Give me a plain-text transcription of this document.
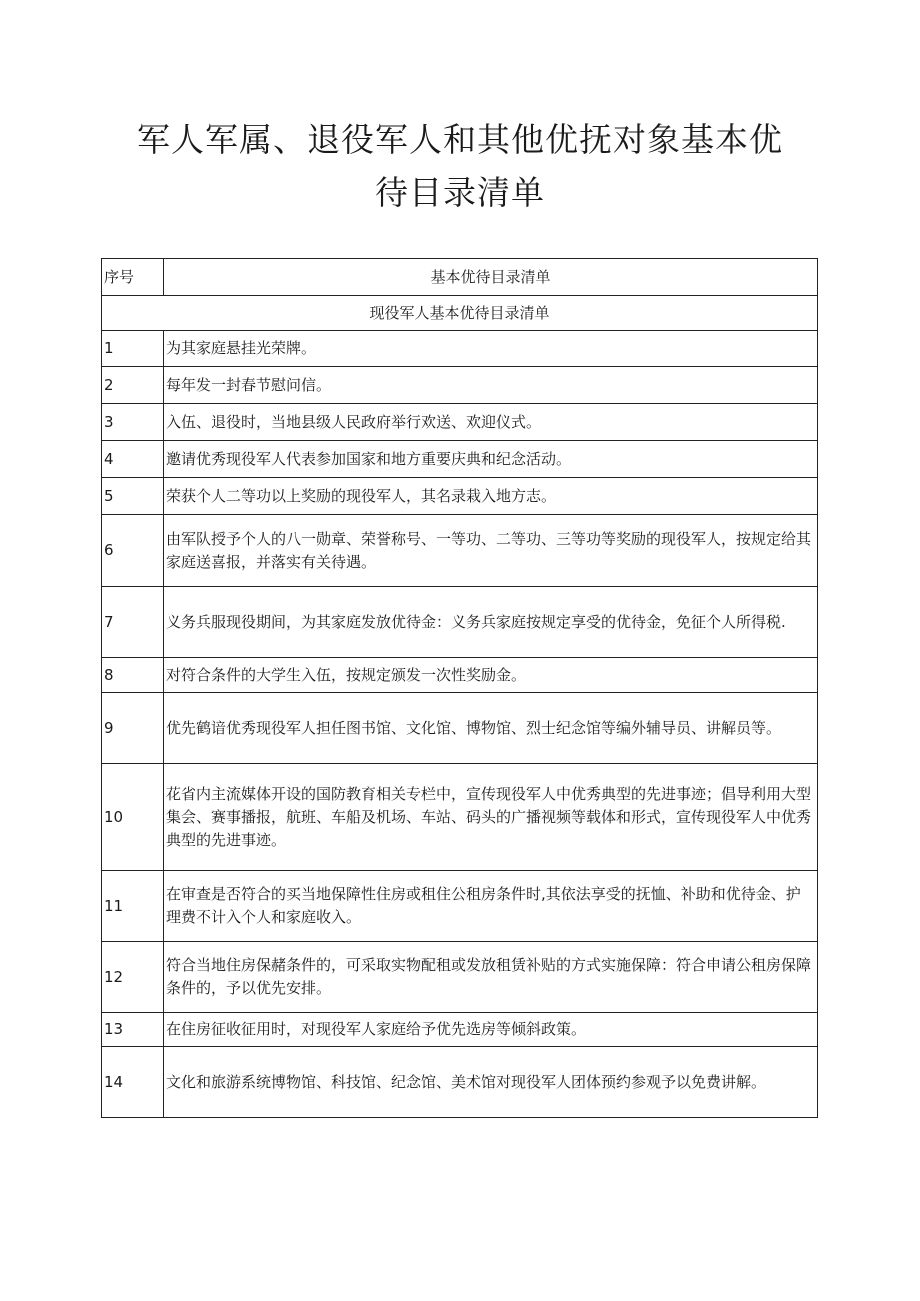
军人军属、退役军人和其他优抚对象基本优
待目录清单
序号	基本优待目录清单
现役军人基本优待目录清单	
1	为其家庭悬挂光荣牌。
2	每年发一封春节慰问信。
3	入伍、退役时，当地县级人民政府举行欢送、欢迎仪式。
4	邀请优秀现役军人代表参加国家和地方重要庆典和纪念活动。
5	荣获个人二等功以上奖励的现役军人，其名录栽入地方志。
6	由军队授予个人的八一勋章、荣誉称号、一等功、二等功、三等功等奖励的现役军人，按规定给其家庭送喜报，并落实有关待遇。
7	义务兵服现役期间，为其家庭发放优待金：义务兵家庭按规定享受的优待金，免征个人所得税.
8	对符合条件的大学生入伍，按规定颁发一次性奖励金。
9	优先鹤谙优秀现役军人担任图书馆、文化馆、博物馆、烈士纪念馆等编外辅导员、讲解员等。
10	花省内主流媒体开设的国防教育相关专栏中，宣传现役军人中优秀典型的先进事迹；倡导利用大型集会、赛事播报，航班、车船及机场、车站、码头的广播视频等载体和形式，宣传现役军人中优秀典型的先进事迹。
11	在审查是否符合的买当地保障性住房或租住公租房条件时,其依法享受的抚恤、补助和优待金、护理费不计入个人和家庭收入。
12	符合当地住房保赭条件的，可采取实物配租或发放租赁补贴的方式实施保障：符合申请公租房保障条件的，予以优先安排。
13	在住房征收征用时，对现役军人家庭给予优先选房等倾斜政策。
14	文化和旅游系统博物馆、科技馆、纪念馆、美术馆对现役军人团体预约参观予以免费讲解。
